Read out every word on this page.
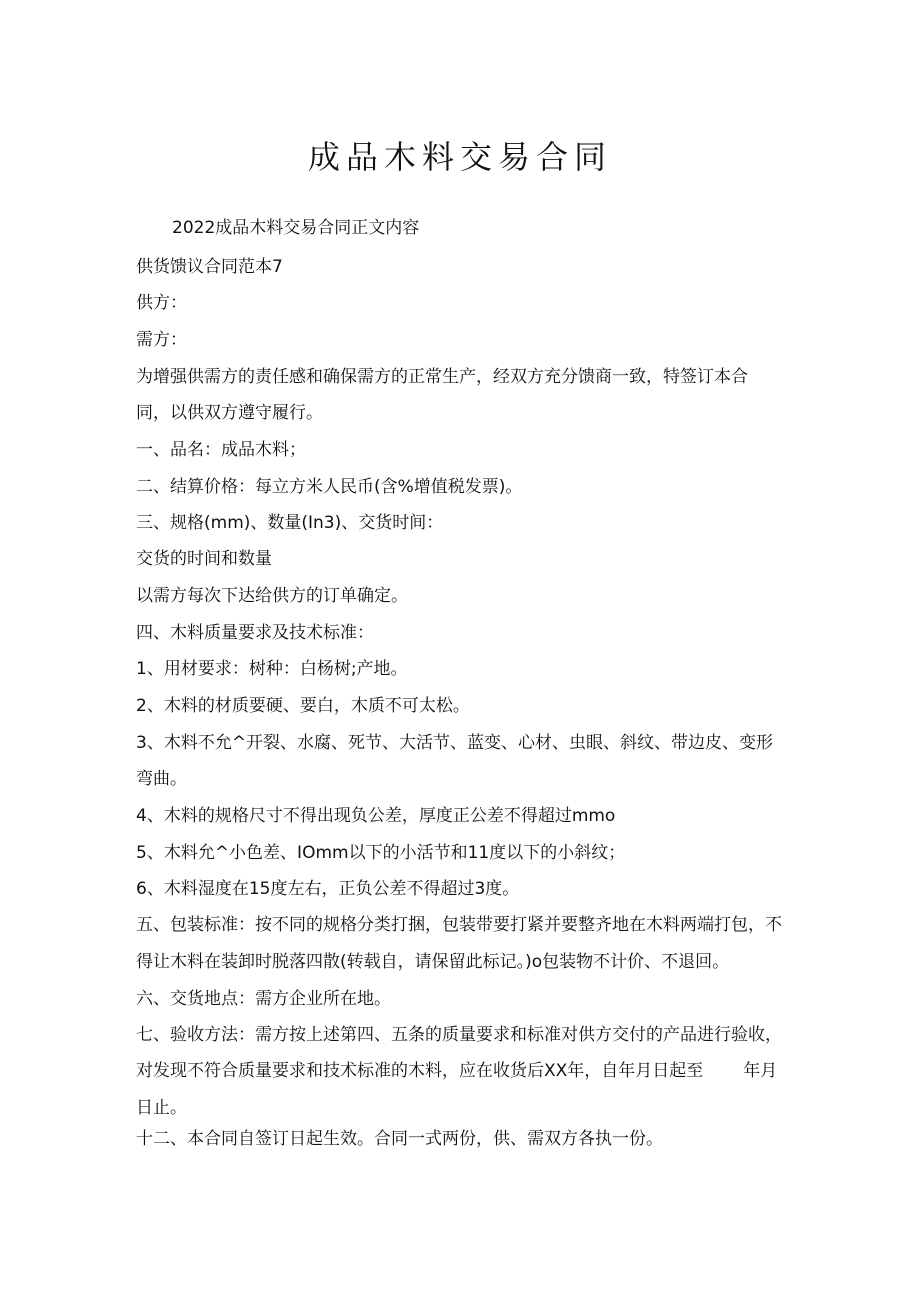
成品木料交易合同
2022成品木料交易合同正文内容
供货馈议合同范本7
供方：
需方：
为增强供需方的责任感和确保需方的正常生产，经双方充分馈商一致，特签订本合
同，以供双方遵守履行。
一、品名：成品木料；
二、结算价格：每立方米人民币(含%增值税发票)。
三、规格(mm)、数量(In3)、交货时间：
交货的时间和数量
以需方每次下达给供方的订单确定。
四、木料质量要求及技术标准：
1、用材要求：树种：白杨树;产地。
2、木料的材质要硬、要白，木质不可太松。
3、木料不允^开裂、水腐、死节、大活节、蓝变、心材、虫眼、斜纹、带边皮、变形
弯曲。
4、木料的规格尺寸不得出现负公差，厚度正公差不得超过mmo
5、木料允^小色差、IOmm以下的小活节和11度以下的小斜纹；
6、木料湿度在15度左右，正负公差不得超过3度。
五、包装标准：按不同的规格分类打捆，包装带要打紧并要整齐地在木料两端打包，不
得让木料在装卸时脱落四散(转载自，请保留此标记。)o包装物不计价、不退回。
六、交货地点：需方企业所在地。
七、验收方法：需方按上述第四、五条的质量要求和标准对供方交付的产品进行验收，
对发现不符合质量要求和技术标准的木料，应在收货后XX年，自年月日起至 年月
日止。
十二、本合同自签订日起生效。合同一式两份，供、需双方各执一份。
